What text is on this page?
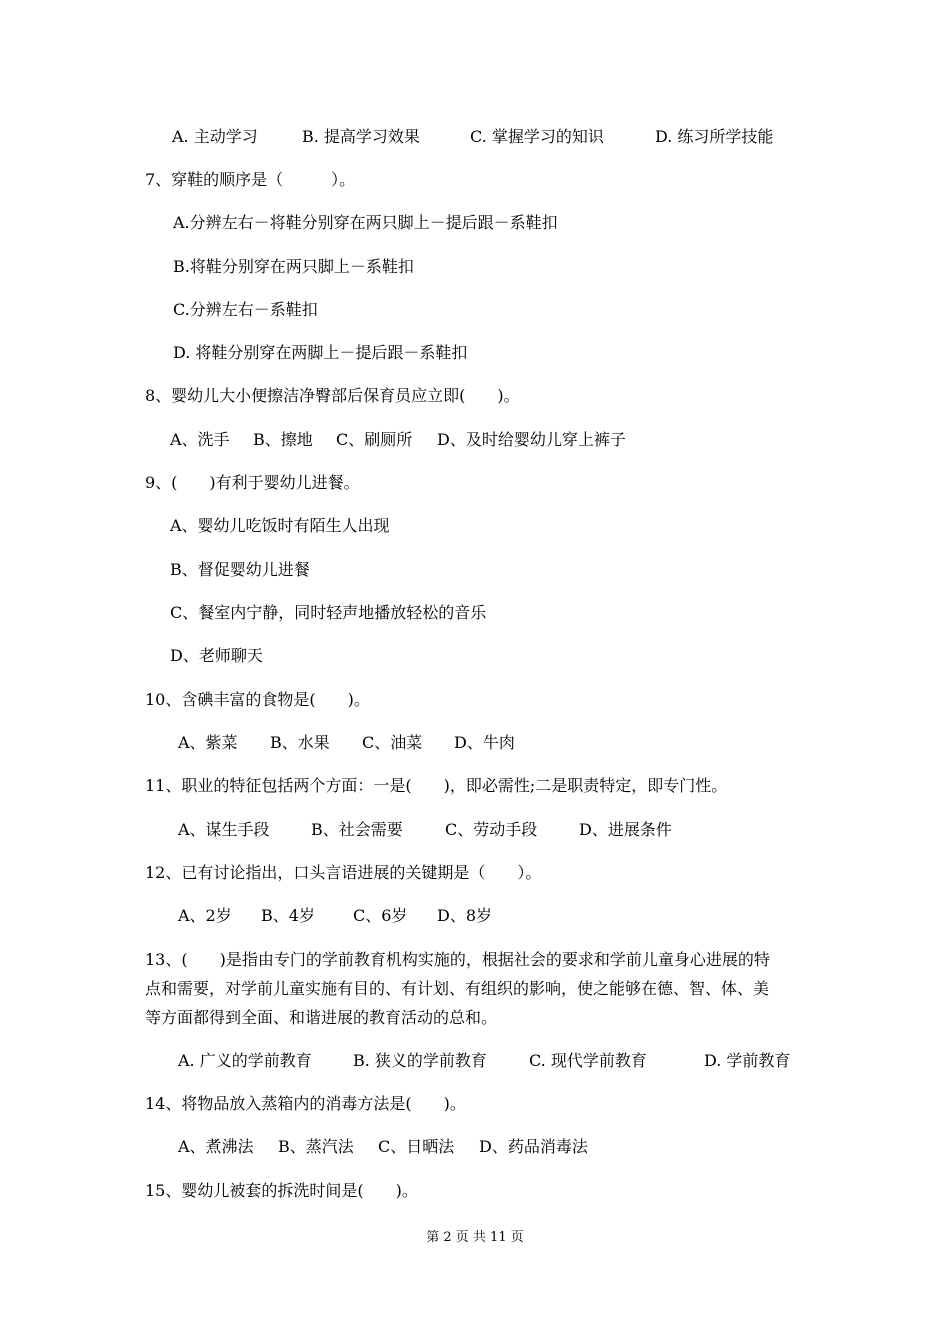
A. 主动学习	B. 提高学习效果	C. 掌握学习的知识	D. 练习所学技能
7、穿鞋的顺序是（　　　）。
A.分辨左右－将鞋分别穿在两只脚上－提后跟－系鞋扣
B.将鞋分别穿在两只脚上－系鞋扣
C.分辨左右－系鞋扣
D. 将鞋分别穿在两脚上－提后跟－系鞋扣
8、婴幼儿大小便擦洁净臀部后保育员应立即(　　)。
A、洗手 B、擦地 C、刷厕所 D、及时给婴幼儿穿上裤子
9、(　　)有利于婴幼儿进餐。
A、婴幼儿吃饭时有陌生人出现
B、督促婴幼儿进餐
C、餐室内宁静，同时轻声地播放轻松的音乐
D、老师聊天
10、含碘丰富的食物是(　　)。
A、紫菜 B、水果 C、油菜 D、牛肉
11、职业的特征包括两个方面：一是(　　)，即必需性;二是职责特定，即专门性。
A、谋生手段	B、社会需要	C、劳动手段	D、进展条件
12、已有讨论指出，口头言语进展的关键期是（　　）。
A、2岁 B、4岁 C、6岁 D、8岁
13、(　　)是指由专门的学前教育机构实施的，根据社会的要求和学前儿童身心进展的特
点和需要，对学前儿童实施有目的、有计划、有组织的影响，使之能够在德、智、体、美
等方面都得到全面、和谐进展的教育活动的总和。
A. 广义的学前教育	B. 狭义的学前教育	C. 现代学前教育	D. 学前教育
14、将物品放入蒸箱内的消毒方法是(　　)。
A、煮沸法 B、蒸汽法 C、日晒法 D、药品消毒法
15、婴幼儿被套的拆洗时间是(　　)。
第 2 页 共 11 页
